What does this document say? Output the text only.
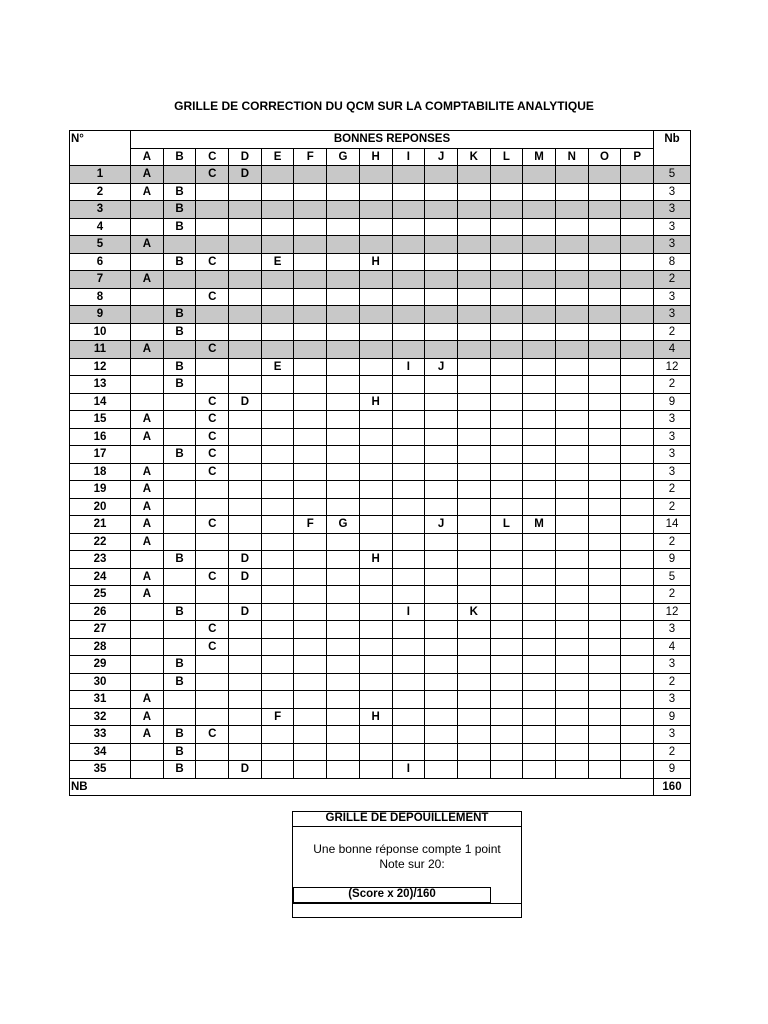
GRILLE DE CORRECTION DU QCM SUR LA COMPTABILITE ANALYTIQUE
N°	BONNES REPONSES																Nb
	A	B	C	D	E	F	G	H	I	J	K	L	M	N	O	P	
1	A		C	D													5
2	A	B															3
3		B															3
4		B															3
5	A																3
6		B	C		E			H									8
7	A																2
8			C														3
9		B															3
10		B															2
11	A		C														4
12		B			E				I	J							12
13		B															2
14			C	D				H									9
15	A		C														3
16	A		C														3
17		B	C														3
18	A		C														3
19	A																2
20	A																2
21	A		C			F	G			J		L	M				14
22	A																2
23		B		D				H									9
24	A		C	D													5
25	A																2
26		B		D					I		K						12
27			C														3
28			C														4
29		B															3
30		B															2
31	A																3
32	A				F			H									9
33	A	B	C														3
34		B															2
35		B		D					I								9
NB																	160
GRILLE DE DEPOUILLEMENT
Une bonne réponse compte 1 point
Note sur 20:
(Score x 20)/160
